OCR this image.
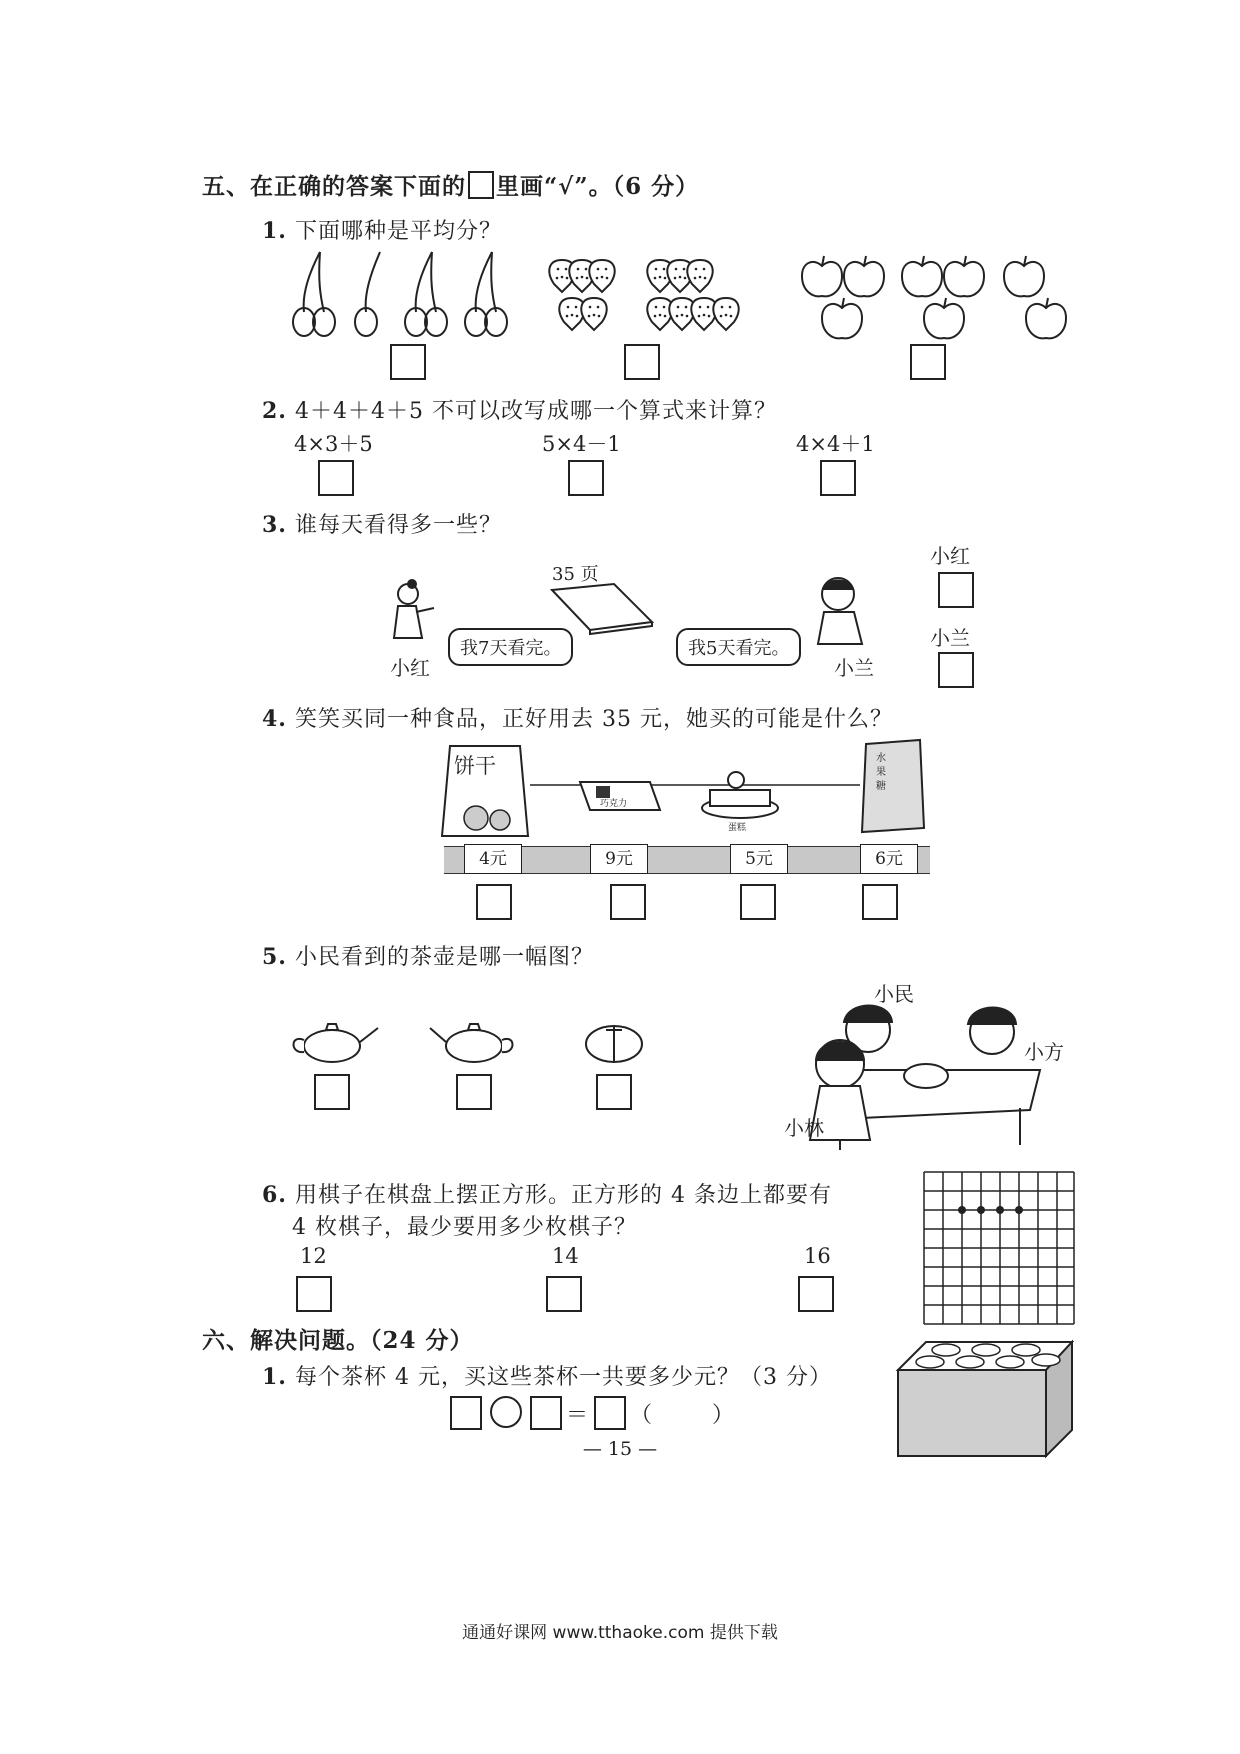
五、在正确的答案下面的 里画“√”。（6 分）
1. 下面哪种是平均分？
2. 4＋4＋4＋5 不可以改写成哪一个算式来计算？
4×3＋5	5×4－1	4×4＋1
3. 谁每天看得多一些？
35 页
小红
我7天看完。	我5天看完。
小兰
小红
小兰
4. 笑笑买同一种食品，正好用去 35 元，她买的可能是什么？
饼干
巧克力
蛋糕
水
果
糖
4元	9元	5元	6元
5. 小民看到的茶壶是哪一幅图？
小民
小方
小林
6. 用棋子在棋盘上摆正方形。正方形的 4 条边上都要有
4 枚棋子，最少要用多少枚棋子？
12	14	16
六、解决问题。（24 分）
1. 每个茶杯 4 元，买这些茶杯一共要多少元？（3 分）
＝ （	）
— 15 —
通通好课网 www.tthaoke.com 提供下载
